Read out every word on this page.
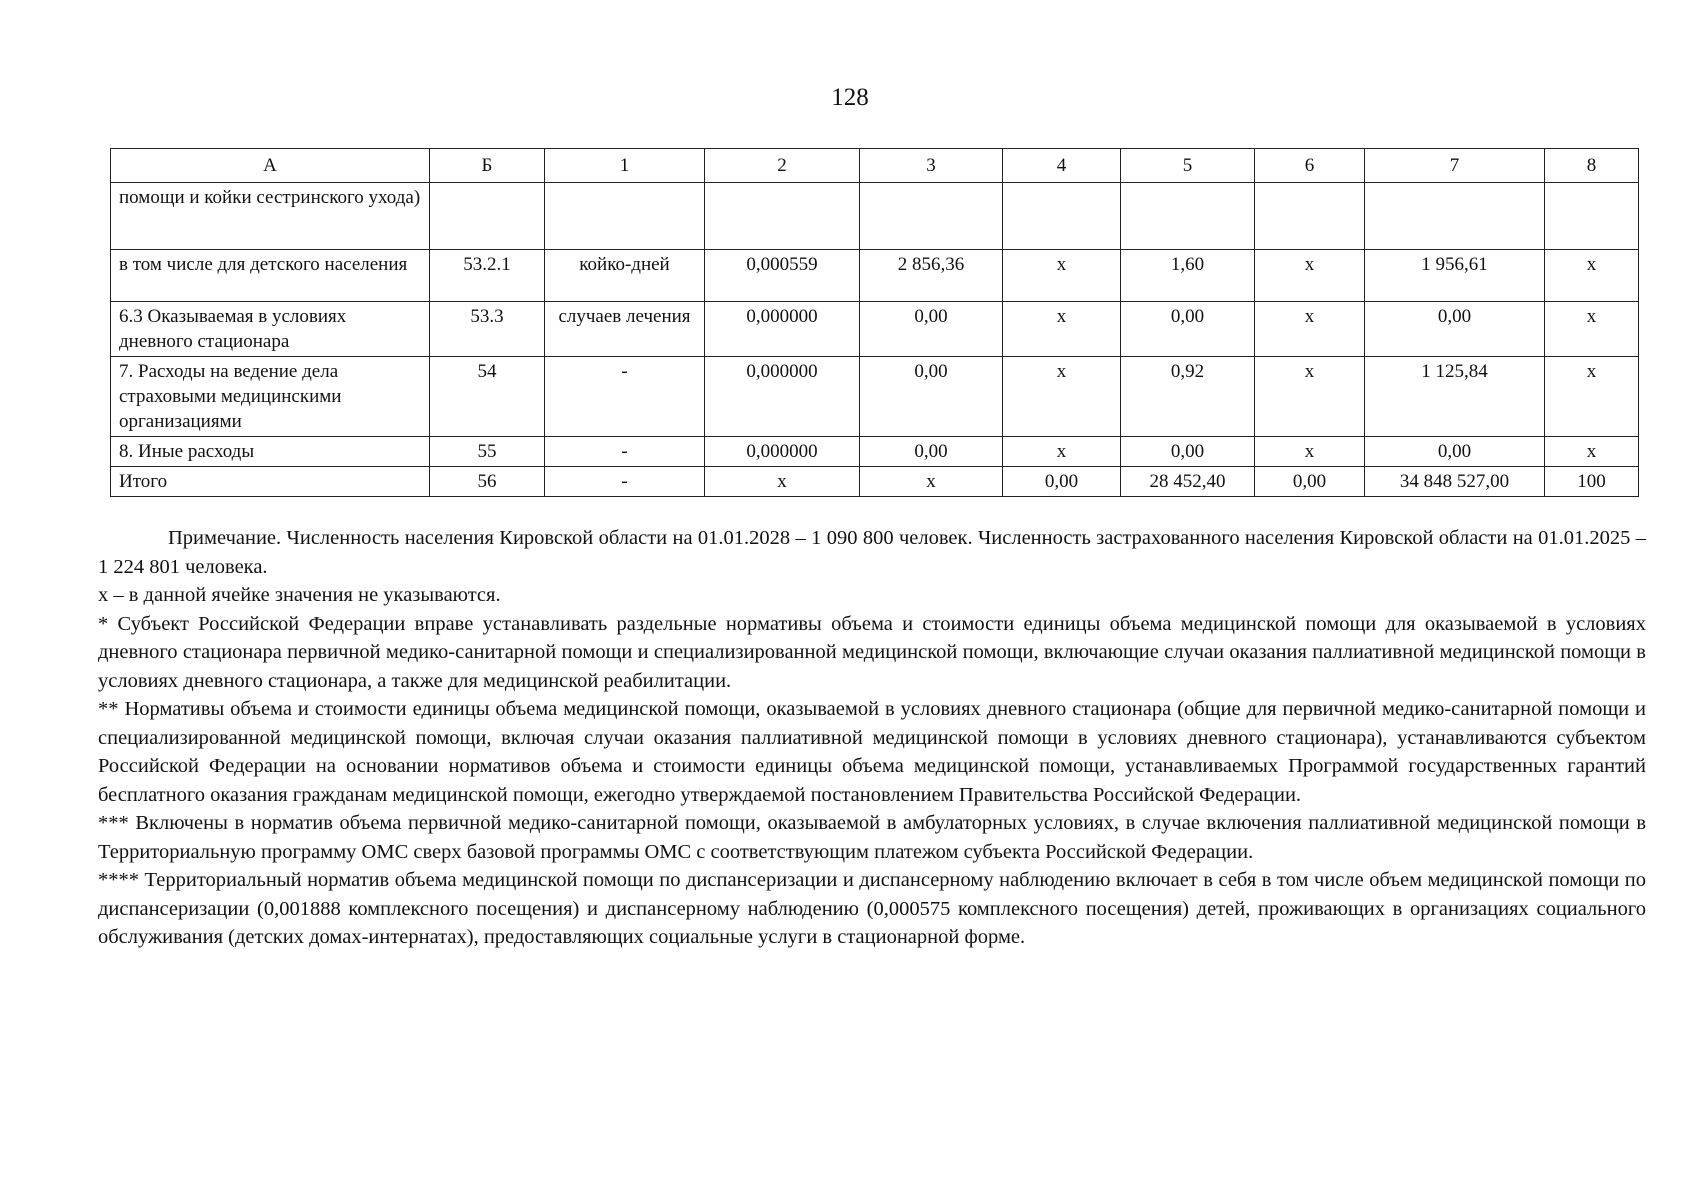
128
А	Б	1	2	3	4	5	6	7	8
помощи и койки сестринского ухода)									
в том числе для детского населения	53.2.1	койко-дней	0,000559	2 856,36	х	1,60	х	1 956,61	х
6.3 Оказываемая в условиях дневного стационара	53.3	случаев лечения	0,000000	0,00	х	0,00	х	0,00	х
7. Расходы на ведение дела страховыми медицинскими организациями	54	-	0,000000	0,00	х	0,92	х	1 125,84	х
8. Иные расходы	55	-	0,000000	0,00	х	0,00	х	0,00	х
Итого	56	-	х	х	0,00	28 452,40	0,00	34 848 527,00	100

Примечание. Численность населения Кировской области на 01.01.2028 – 1 090 800 человек. Численность застрахованного населения Кировской области на 01.01.2025 – 1 224 801 человека.

х – в данной ячейке значения не указываются.

* Субъект Российской Федерации вправе устанавливать раздельные нормативы объема и стоимости единицы объема медицинской помощи для оказываемой в условиях дневного стационара первичной медико-санитарной помощи и специализированной медицинской помощи, включающие случаи оказания паллиативной медицинской помощи в условиях дневного стационара, а также для медицинской реабилитации.

** Нормативы объема и стоимости единицы объема медицинской помощи, оказываемой в условиях дневного стационара (общие для первичной медико-санитарной помощи и специализированной медицинской помощи, включая случаи оказания паллиативной медицинской помощи в условиях дневного стационара), устанавливаются субъектом Российской Федерации на основании нормативов объема и стоимости единицы объема медицинской помощи, устанавливаемых Программой государственных гарантий бесплатного оказания гражданам медицинской помощи, ежегодно утверждаемой постановлением Правительства Российской Федерации.

*** Включены в норматив объема первичной медико-санитарной помощи, оказываемой в амбулаторных условиях, в случае включения паллиативной медицинской помощи в Территориальную программу ОМС сверх базовой программы ОМС с соответствующим платежом субъекта Российской Федерации.

**** Территориальный норматив объема медицинской помощи по диспансеризации и диспансерному наблюдению включает в себя в том числе объем медицинской помощи по диспансеризации (0,001888 комплексного посещения) и диспансерному наблюдению (0,000575 комплексного посещения) детей, проживающих в организациях социального обслуживания (детских домах-интернатах), предоставляющих социальные услуги в стационарной форме.
